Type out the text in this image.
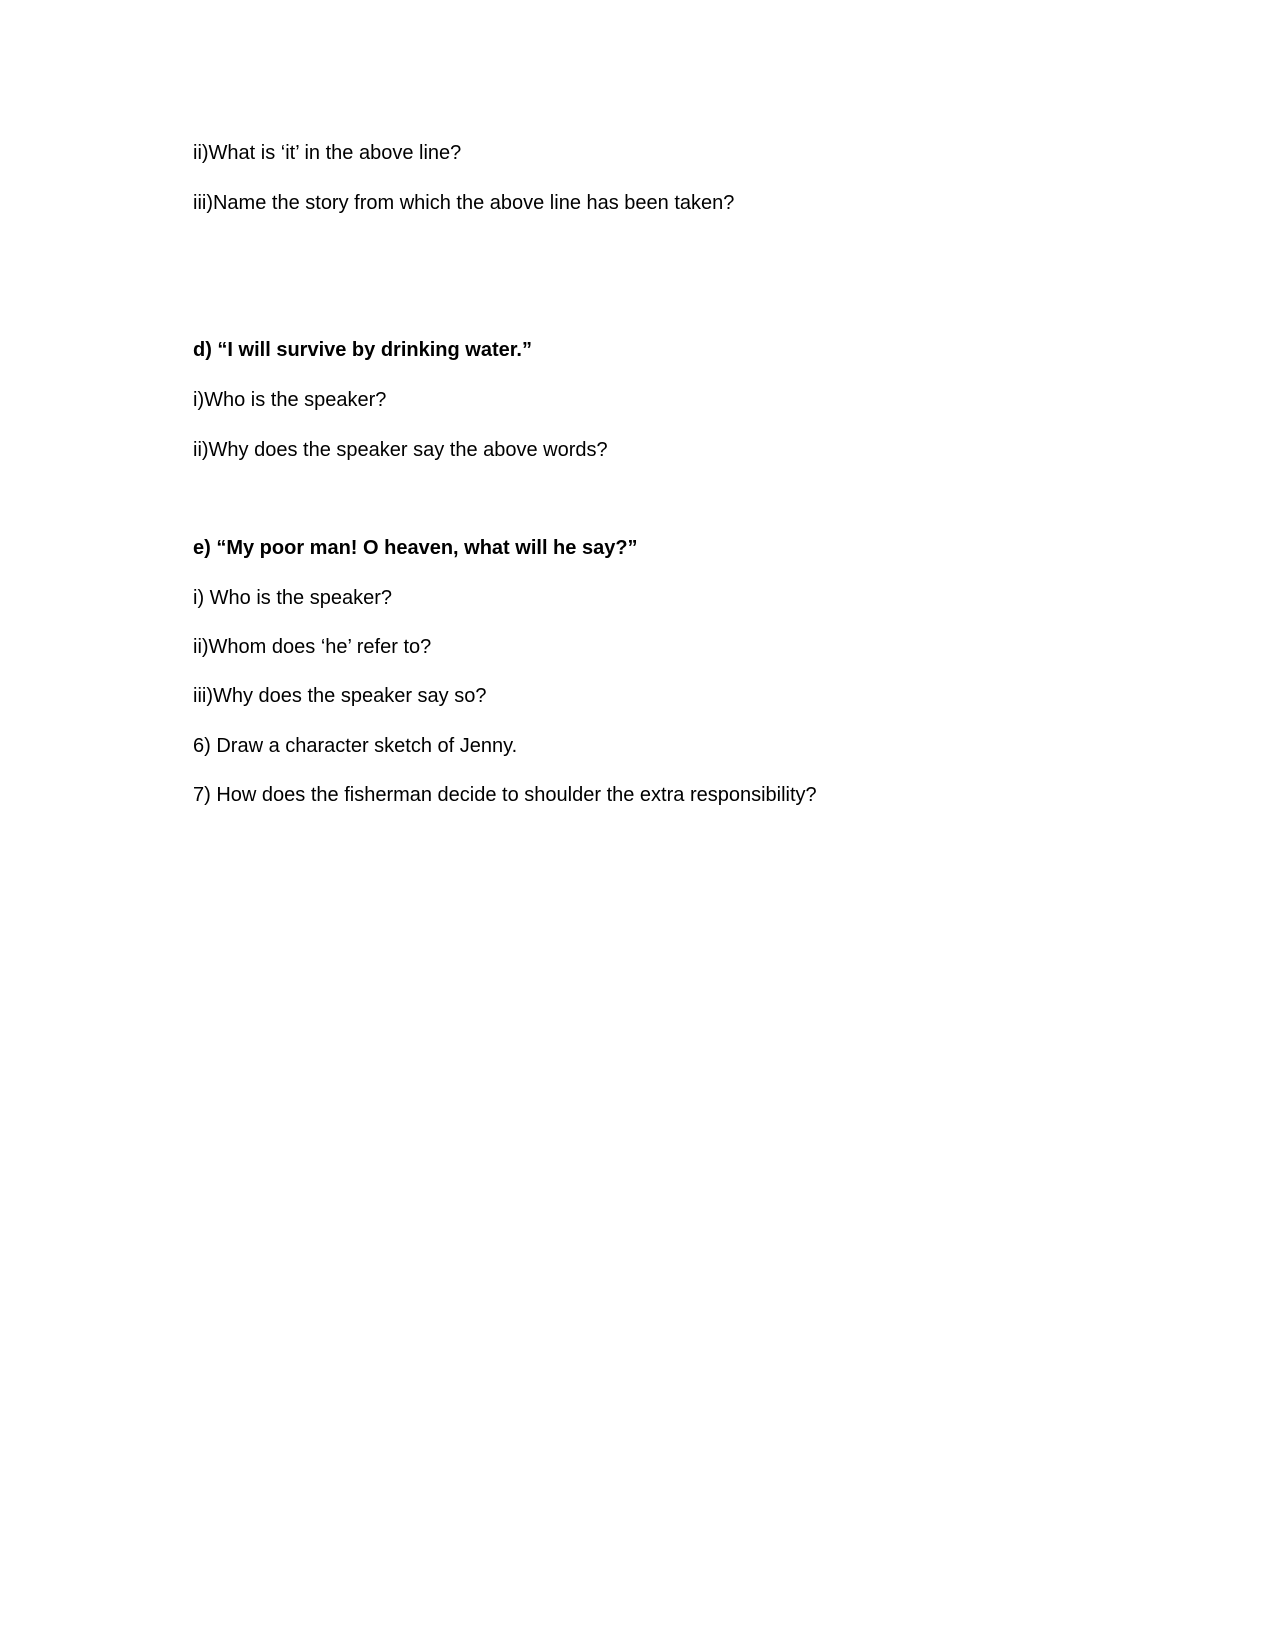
ii)What is ‘it’ in the above line?
iii)Name the story from which the above line has been taken?
d) “I will survive by drinking water.”
i)Who is the speaker?
ii)Why does the speaker say the above words?
e) “My poor man! O heaven, what will he say?”
i) Who is the speaker?
ii)Whom does ‘he’ refer to?
iii)Why does the speaker say so?
6) Draw a character sketch of Jenny.
7) How does the fisherman decide to shoulder the extra responsibility?
